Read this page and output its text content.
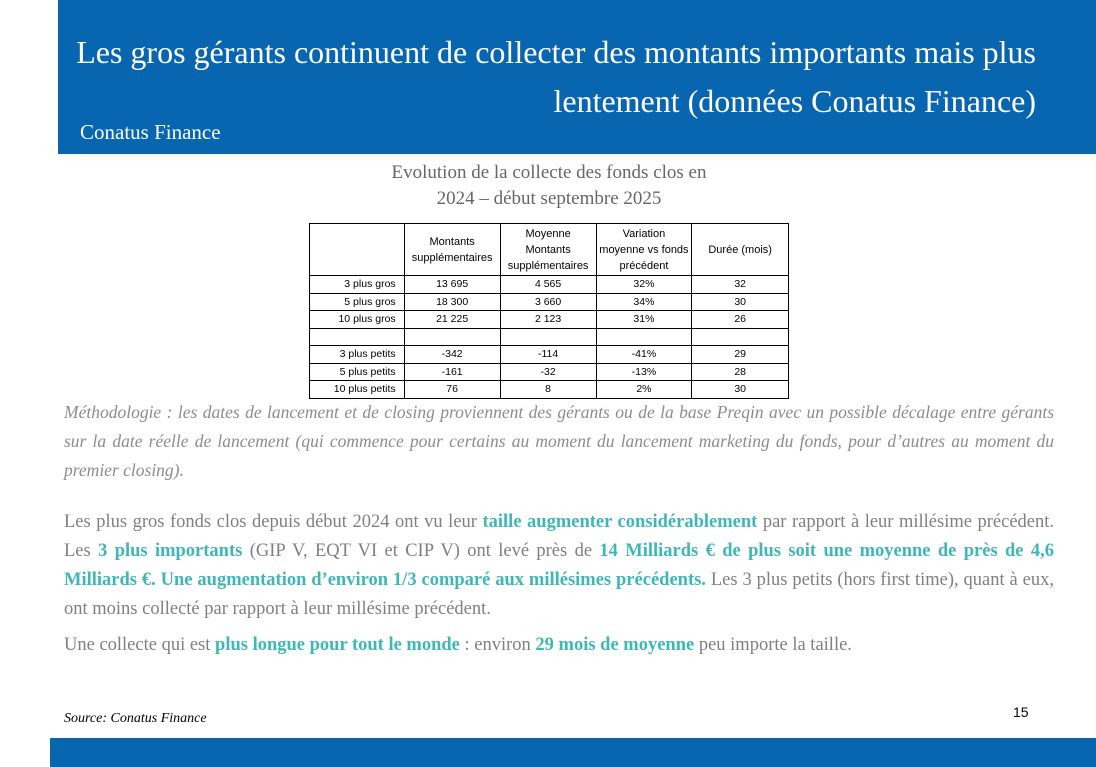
Les gros gérants continuent de collecter des montants importants mais plus lentement (données Conatus Finance)
Conatus Finance
Evolution de la collecte des fonds clos en
2024 – début septembre 2025
	Montants supplémentaires	Moyenne Montants supplémentaires	Variation moyenne vs fonds précédent	Durée (mois)
3 plus gros	13 695	4 565	32%	32
5 plus gros	18 300	3 660	34%	30
10 plus gros	21 225	2 123	31%	26

3 plus petits	-342	-114	-41%	29
5 plus petits	-161	-32	-13%	28
10 plus petits	76	8	2%	30
Méthodologie : les dates de lancement et de closing proviennent des gérants ou de la base Preqin avec un possible décalage entre gérants sur la date réelle de lancement (qui commence pour certains au moment du lancement marketing du fonds, pour d’autres au moment du premier closing).

Les plus gros fonds clos depuis début 2024 ont vu leur taille augmenter considérablement par rapport à leur millésime précédent. Les 3 plus importants (GIP V, EQT VI et CIP V) ont levé près de 14 Milliards € de plus soit une moyenne de près de 4,6 Milliards €. Une augmentation d’environ 1/3 comparé aux millésimes précédents. Les 3 plus petits (hors first time), quant à eux, ont moins collecté par rapport à leur millésime précédent.

Une collecte qui est plus longue pour tout le monde : environ 29 mois de moyenne peu importe la taille.

Source: Conatus Finance	15
